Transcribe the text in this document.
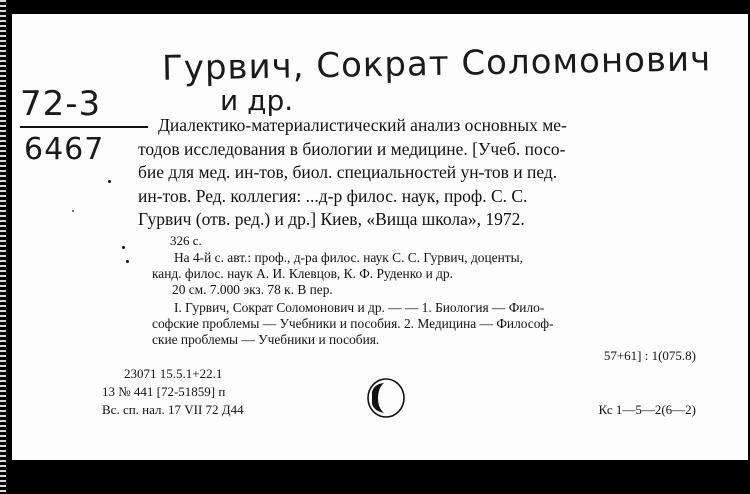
Гурвич, Сократ Соломонович
и др.
72-3
6467

Диалектико-материалистический анализ основных ме-

тодов исследования в биологии и медицине. [Учеб. посо-

бие для мед. ин-тов, биол. специальностей ун-тов и пед.

ин-тов. Ред. коллегия: ...д-р филос. наук, проф. С. С.

Гурвич (отв. ред.) и др.] Киев, «Вища школа», 1972.

326 с.

На 4-й с. авт.: проф., д-ра филос. наук С. С. Гурвич, доценты,

канд. филос. наук А. И. Клевцов, К. Ф. Руденко и др.

20 см. 7.000 экз. 78 к. В пер.

I. Гурвич, Сократ Соломонович и др. — — 1. Биология — Фило-

софские проблемы — Учебники и пособия. 2. Медицина — Философ-

ские проблемы — Учебники и пособия.

57+61] : 1(075.8)
23071 15.5.1+22.1
13 № 441 [72-51859] п
Вс. сп. нал. 17 VII 72 Д44	Кс 1—5—2(6—2)
